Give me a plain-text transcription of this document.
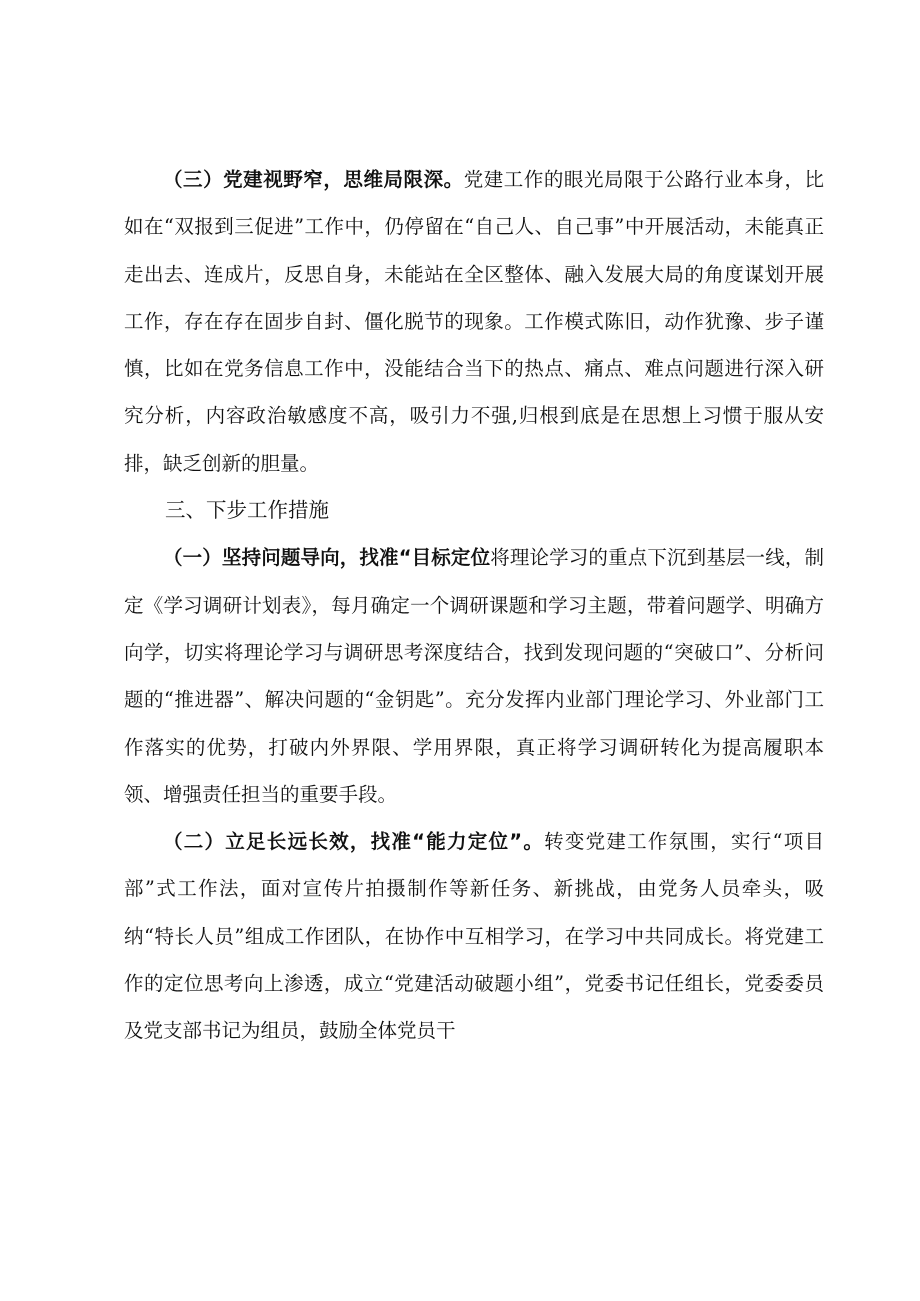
（三）党建视野窄，思维局限深。党建工作的眼光局限于公路行业本身，比如在“双报到三促进”工作中，仍停留在“自己人、自己事”中开展活动，未能真正走出去、连成片，反思自身，未能站在全区整体、融入发展大局的角度谋划开展工作，存在存在固步自封、僵化脱节的现象。工作模式陈旧，动作犹豫、步子谨慎，比如在党务信息工作中，没能结合当下的热点、痛点、难点问题进行深入研究分析，内容政治敏感度不高，吸引力不强,归根到底是在思想上习惯于服从安排，缺乏创新的胆量。

三、下步工作措施

（一）坚持问题导向，找准“目标定位将理论学习的重点下沉到基层一线，制定《学习调研计划表》，每月确定一个调研课题和学习主题，带着问题学、明确方向学，切实将理论学习与调研思考深度结合，找到发现问题的“突破口”、分析问题的“推进器”、解决问题的“金钥匙”。充分发挥内业部门理论学习、外业部门工作落实的优势，打破内外界限、学用界限，真正将学习调研转化为提高履职本领、增强责任担当的重要手段。

（二）立足长远长效，找准“能力定位”。转变党建工作氛围，实行“项目部”式工作法，面对宣传片拍摄制作等新任务、新挑战，由党务人员牵头，吸纳“特长人员”组成工作团队，在协作中互相学习，在学习中共同成长。将党建工作的定位思考向上渗透，成立“党建活动破题小组”，党委书记任组长，党委委员及党支部书记为组员，鼓励全体党员干
